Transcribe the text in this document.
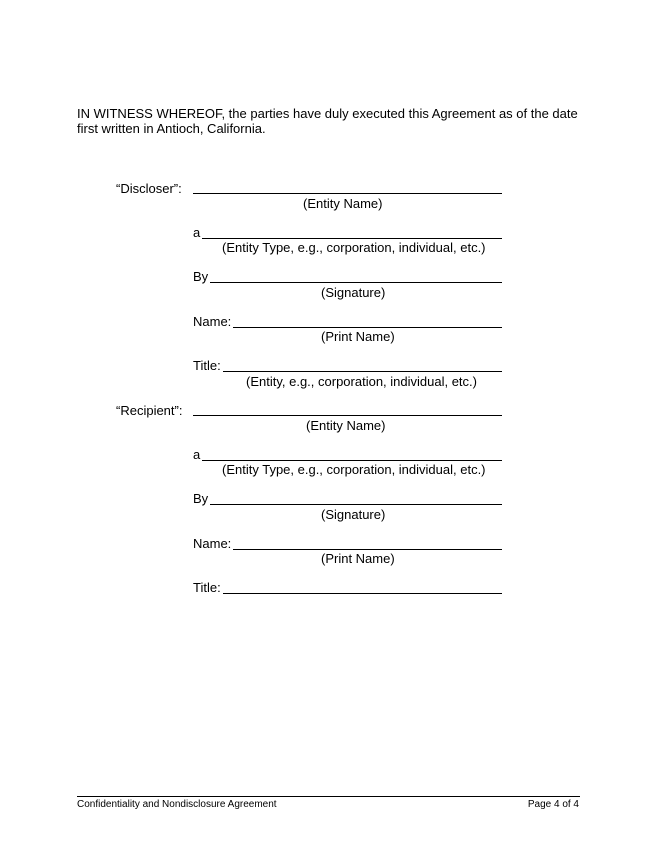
IN WITNESS WHEREOF, the parties have duly executed this Agreement as of the date first written in Antioch, California.

“Discloser”:
(Entity Name)
a
(Entity Type, e.g., corporation, individual, etc.)
By
(Signature)
Name:
(Print Name)
Title:
(Entity, e.g., corporation, individual, etc.)
“Recipient”:
(Entity Name)
a
(Entity Type, e.g., corporation, individual, etc.)
By
(Signature)
Name:
(Print Name)
Title:
Confidentiality and Nondisclosure Agreement	Page 4 of 4
